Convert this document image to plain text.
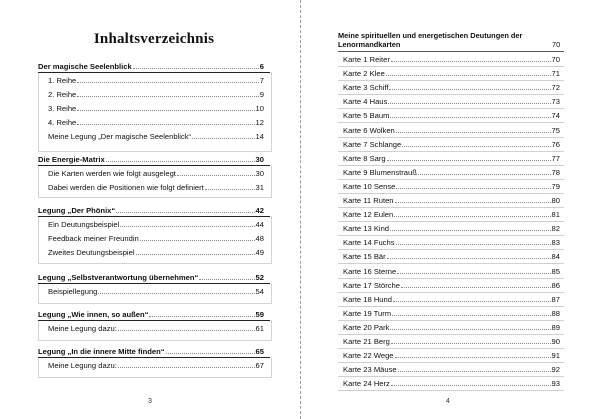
Inhaltsverzeichnis
Der magische Seelenblick	6
1. Reihe	7
2. Reihe	9
3. Reihe	10
4. Reihe	12
Meine Legung „Der magische Seelenblick“	14
Die Energie-Matrix	30
Die Karten werden wie folgt ausgelegt	30
Dabei werden die Positionen wie folgt definiert	31
Legung „Der Phönix“	42
Ein Deutungsbeispiel	44
Feedback meiner Freundin	48
Zweites Deutungsbeispiel	49
Legung „Selbstverantwortung übernehmen“	52
Beispiellegung	54
Legung „Wie innen, so außen“	59
Meine Legung dazu:	61
Legung „In die innere Mitte finden“	65
Meine Legung dazu:	67
3
Meine spirituellen und energetischen Deutungen der Lenormandkarten	70
Karte 1 Reiter	70
Karte 2 Klee	71
Karte 3 Schiff	72
Karte 4 Haus	73
Karte 5 Baum	74
Karte 6 Wolken	75
Karte 7 Schlange	76
Karte 8 Sarg	77
Karte 9 Blumenstrauß	78
Karte 10 Sense	79
Karte 11 Ruten	80
Karte 12 Eulen	81
Karte 13 Kind	82
Karte 14 Fuchs	83
Karte 15 Bär	84
Karte 16 Sterne	85
Karte 17 Störche	86
Karte 18 Hund	87
Karte 19 Turm	88
Karte 20 Park	89
Karte 21 Berg	90
Karte 22 Wege	91
Karte 23 Mäuse	92
Karte 24 Herz	93
4
